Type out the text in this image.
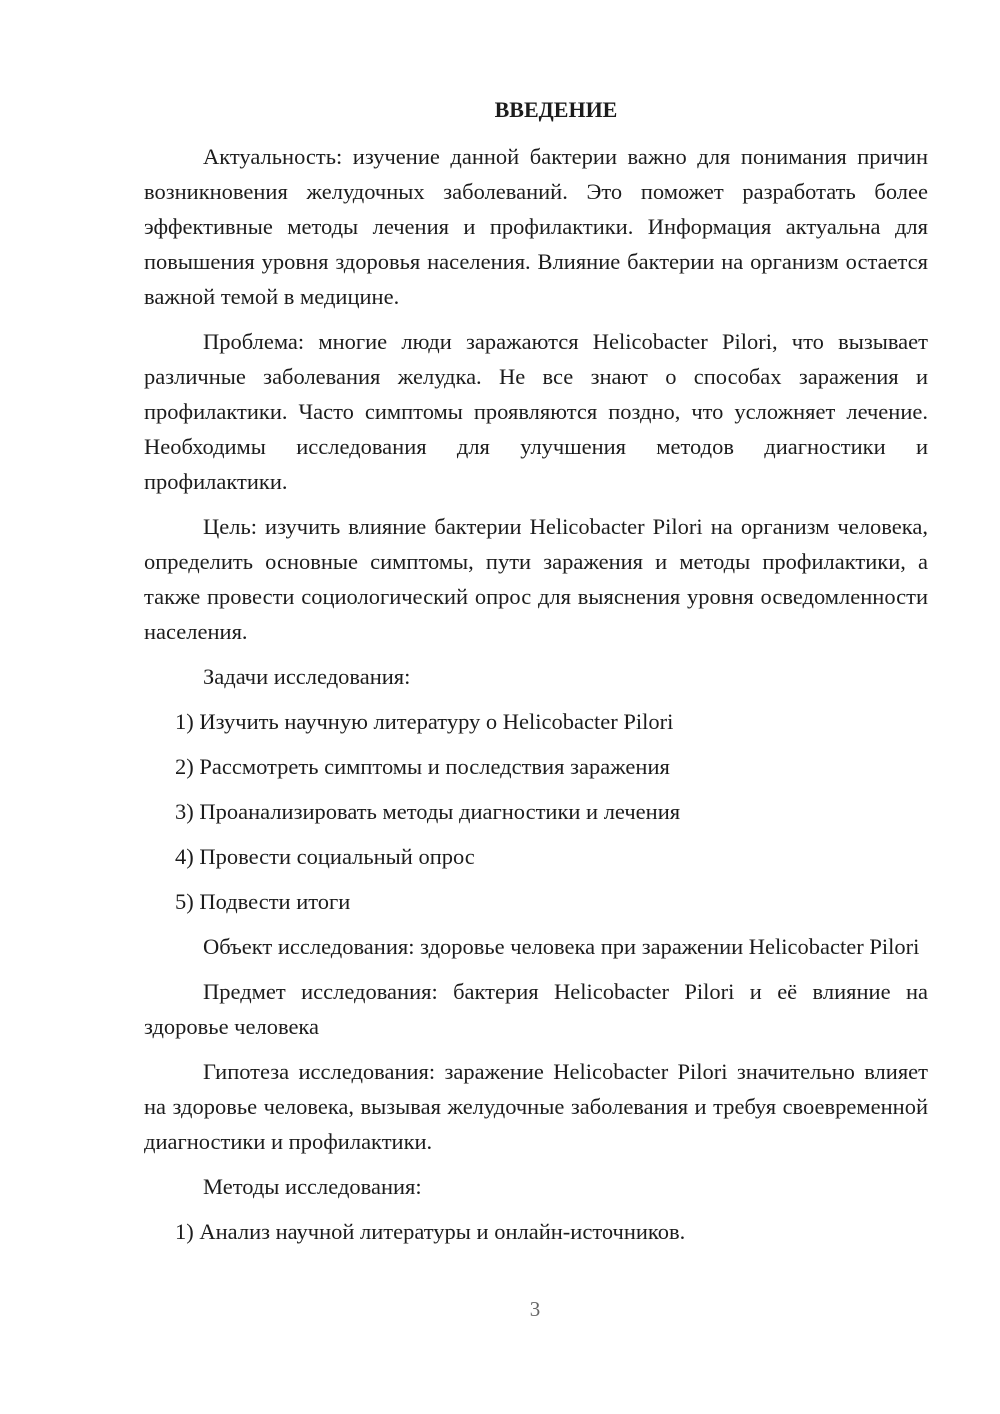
ВВЕДЕНИЕ

Актуальность: изучение данной бактерии важно для понимания причин возникновения желудочных заболеваний. Это поможет разработать более эффективные методы лечения и профилактики. Информация актуальна для повышения уровня здоровья населения. Влияние бактерии на организм остается важной темой в медицине.

Проблема: многие люди заражаются Helicobacter Pilori, что вызывает различные заболевания желудка. Не все знают о способах заражения и профилактики. Часто симптомы проявляются поздно, что усложняет лечение. Необходимы исследования для улучшения методов диагностики и профилактики.

Цель: изучить влияние бактерии Helicobacter Pilori на организм человека, определить основные симптомы, пути заражения и методы профилактики, а также провести социологический опрос для выяснения уровня осведомленности населения.

Задачи исследования:

1) Изучить научную литературу о Helicobacter Pilori

2) Рассмотреть симптомы и последствия заражения

3) Проанализировать методы диагностики и лечения

4) Провести социальный опрос

5) Подвести итоги

Объект исследования: здоровье человека при заражении Helicobacter Pilori

Предмет исследования: бактерия Helicobacter Pilori и её влияние на здоровье человека

Гипотеза исследования: заражение Helicobacter Pilori значительно влияет на здоровье человека, вызывая желудочные заболевания и требуя своевременной диагностики и профилактики.

Методы исследования:

1) Анализ научной литературы и онлайн-источников.

3
